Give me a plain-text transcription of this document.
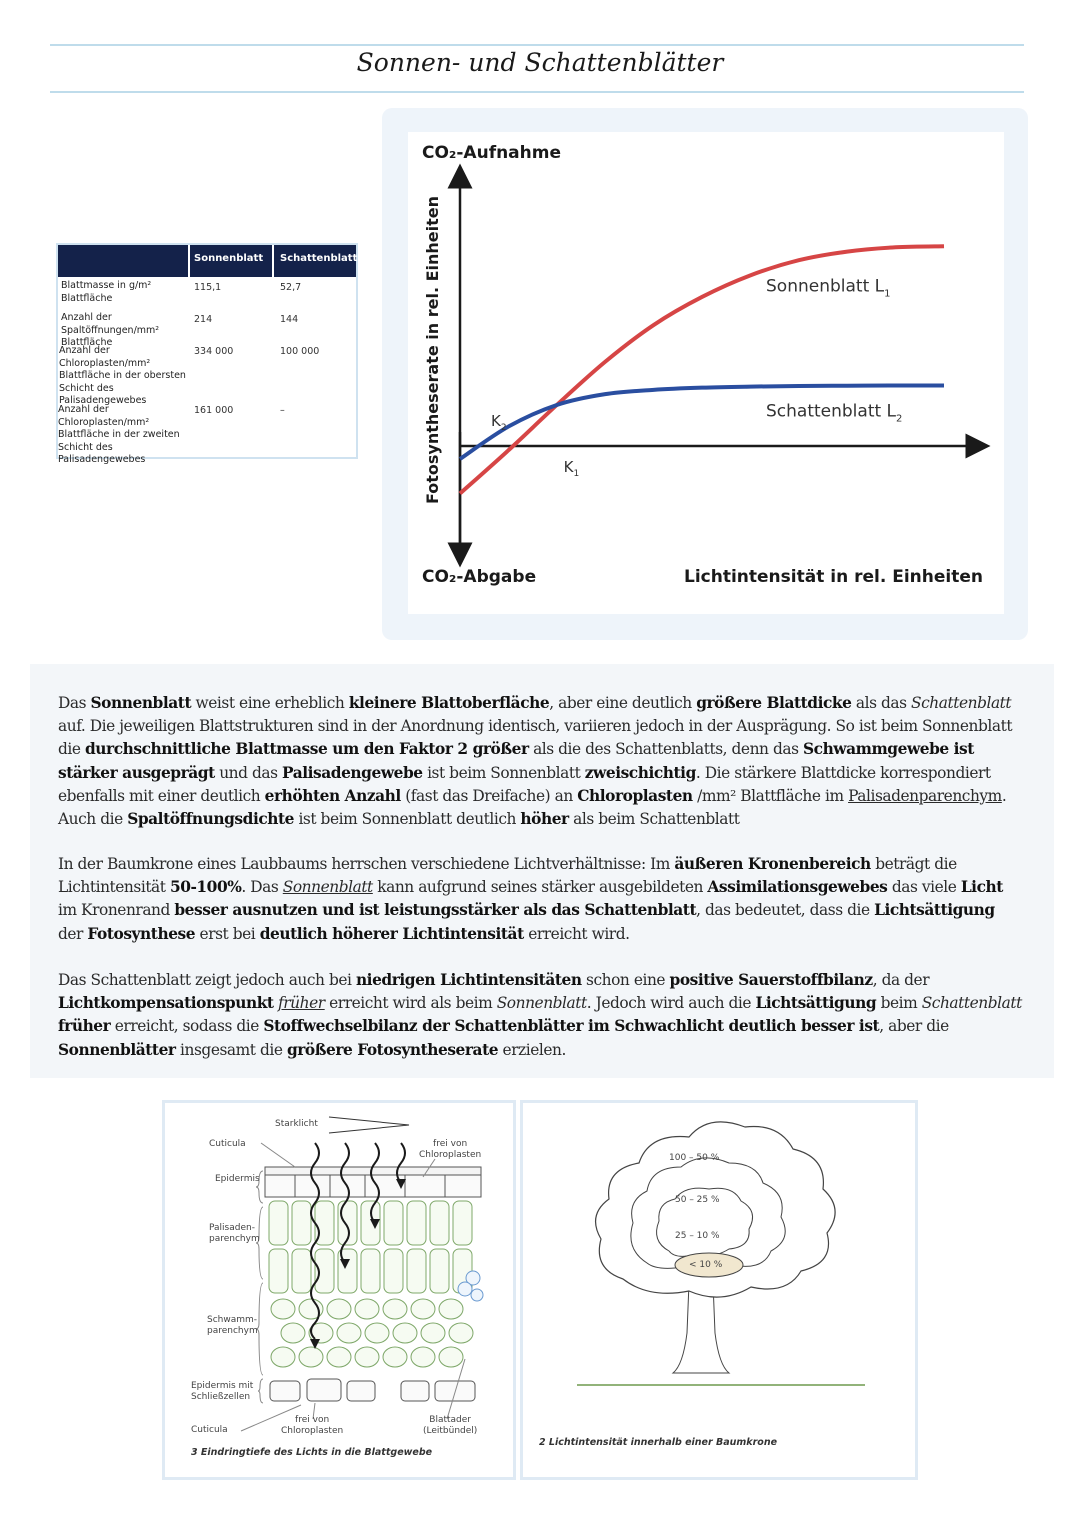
Sonnen- und Schattenblätter
Sonnenblatt Schattenblatt
Blattmasse in g/m² Blattfläche
115,1	52,7
Anzahl der Spaltöffnungen/mm² Blattfläche
214	144
Anzahl der Chloroplasten/mm² Blattfläche in der obersten Schicht des Palisadengewebes
334 000	100 000
Anzahl der Chloroplasten/mm² Blattfläche in der zweiten Schicht des Palisadengewebes
161 000	–
CO₂-Aufnahme
Fotosyntheserate in rel. Einheiten
CO₂-Abgabe	Lichtintensität in rel. Einheiten
Sonnenblatt $L_1$
Schattenblatt $L_2$
$K_2$
$K_1$
Das Sonnenblatt weist eine erheblich kleinere Blattoberfläche, aber eine deutlich größere Blattdicke als das Schattenblatt auf. Die jeweiligen Blattstrukturen sind in der Anordnung identisch, variieren jedoch in der Ausprägung. So ist beim Sonnenblatt die durchschnittliche Blattmasse um den Faktor 2 größer als die des Schattenblatts, denn das Schwammgewebe ist stärker ausgeprägt und das Palisadengewebe ist beim Sonnenblatt zweischichtig. Die stärkere Blattdicke korrespondiert ebenfalls mit einer deutlich erhöhten Anzahl (fast das Dreifache) an Chloroplasten /mm² Blattfläche im Palisadenparenchym. Auch die Spaltöffnungsdichte ist beim Sonnenblatt deutlich höher als beim Schattenblatt
In der Baumkrone eines Laubbaums herrschen verschiedene Lichtverhältnisse: Im äußeren Kronenbereich beträgt die Lichtintensität 50-100%. Das Sonnenblatt kann aufgrund seines stärker ausgebildeten Assimilationsgewebes das viele Licht im Kronenrand besser ausnutzen und ist leistungsstärker als das Schattenblatt, das bedeutet, dass die Lichtsättigung der Fotosynthese erst bei deutlich höherer Lichtintensität erreicht wird.
Das Schattenblatt zeigt jedoch auch bei niedrigen Lichtintensitäten schon eine positive Sauerstoffbilanz, da der Lichtkompensationspunkt früher erreicht wird als beim Sonnenblatt. Jedoch wird auch die Lichtsättigung beim Schattenblatt früher erreicht, sodass die Stoffwechselbilanz der Schattenblätter im Schwachlicht deutlich besser ist, aber die Sonnenblätter insgesamt die größere Fotosyntheserate erzielen.
Starklicht
Cuticula
Epidermis
Palisaden-
parenchym
Schwamm-
parenchym
Epidermis mit
Schließzellen
Cuticula
frei von
Chloroplasten
frei von
Chloroplasten
Blattader
(Leitbündel)
3 Eindringtiefe des Lichts in die Blattgewebe
100 – 50 %
50 – 25 %
25 – 10 %
< 10 %
2 Lichtintensität innerhalb einer Baumkrone
